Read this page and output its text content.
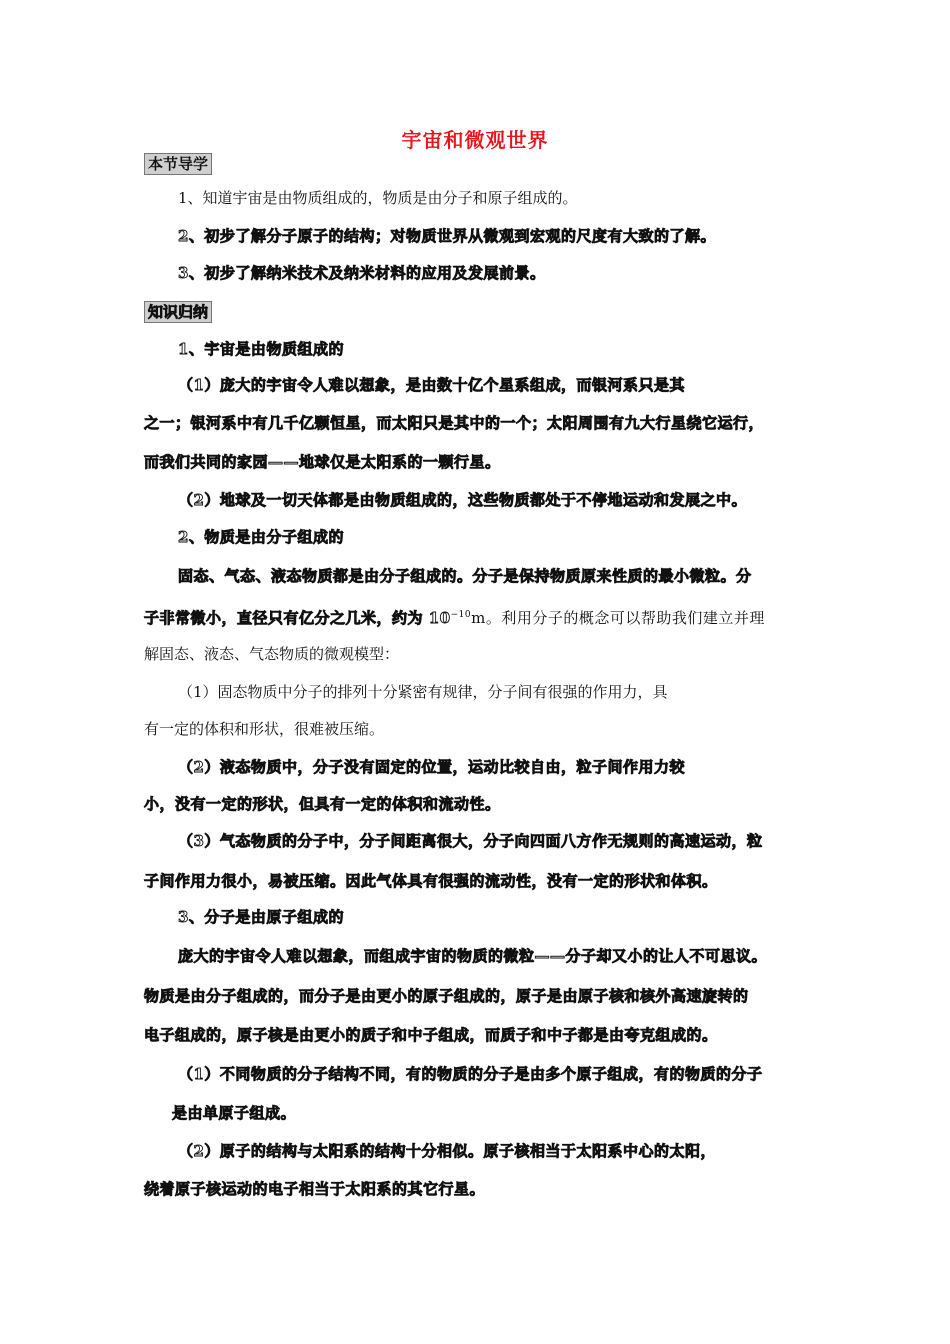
宇宙和微观世界
本节导学
1、知道宇宙是由物质组成的，物质是由分子和原子组成的。
2、初步了解分子原子的结构；对物质世界从微观到宏观的尺度有大致的了解。
3、初步了解纳米技术及纳米材料的应用及发展前景。
知识归纳
1、宇宙是由物质组成的
（1）庞大的宇宙令人难以想象，是由数十亿个星系组成，而银河系只是其
之一；银河系中有几千亿颗恒星，而太阳只是其中的一个；太阳周围有九大行星绕它运行，
而我们共同的家园——地球仅是太阳系的一颗行星。
（2）地球及一切天体都是由物质组成的，这些物质都处于不停地运动和发展之中。
2、物质是由分子组成的
固态、气态、液态物质都是由分子组成的。分子是保持物质原来性质的最小微粒。分
子非常微小，直径只有亿分之几米，约为 $10^{-10}m$。利用分子的概念可以帮助我们建立并理
解固态、液态、气态物质的微观模型：
（1）固态物质中分子的排列十分紧密有规律，分子间有很强的作用力，具
有一定的体积和形状，很难被压缩。
（2）液态物质中，分子没有固定的位置，运动比较自由，粒子间作用力较
小，没有一定的形状，但具有一定的体积和流动性。
（3）气态物质的分子中，分子间距离很大，分子向四面八方作无规则的高速运动，粒
子间作用力很小，易被压缩。因此气体具有很强的流动性，没有一定的形状和体积。
3、分子是由原子组成的
庞大的宇宙令人难以想象，而组成宇宙的物质的微粒——分子却又小的让人不可思议。
物质是由分子组成的，而分子是由更小的原子组成的，原子是由原子核和核外高速旋转的
电子组成的，原子核是由更小的质子和中子组成，而质子和中子都是由夸克组成的。
（1）不同物质的分子结构不同，有的物质的分子是由多个原子组成，有的物质的分子
是由单原子组成。
（2）原子的结构与太阳系的结构十分相似。原子核相当于太阳系中心的太阳，
绕着原子核运动的电子相当于太阳系的其它行星。
